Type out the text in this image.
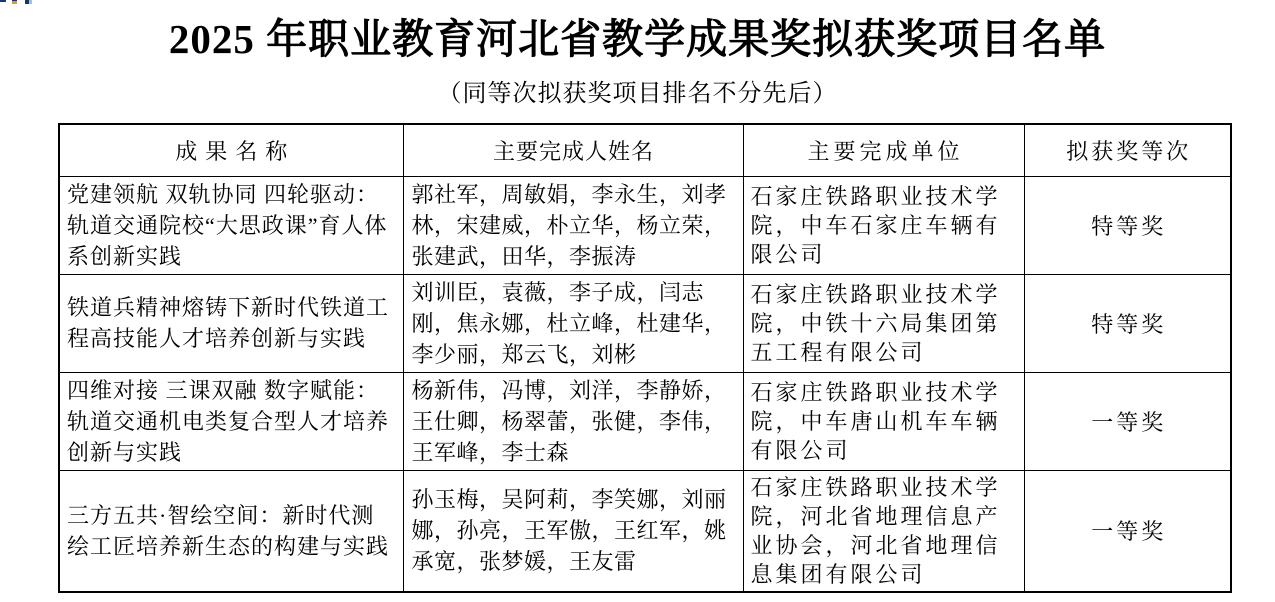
2025 年职业教育河北省教学成果奖拟获奖项目名单
（同等次拟获奖项目排名不分先后）
成果名称	主要完成人姓名	主要完成单位	拟获奖等次
党建领航 双轨协同 四轮驱动：轨道交通院校“大思政课”育人体系创新实践	郭社军，周敏娟，李永生，刘孝林，宋建威，朴立华，杨立荣，张建武，田华，李振涛	石家庄铁路职业技术学院，中车石家庄车辆有限公司	特等奖
铁道兵精神熔铸下新时代铁道工程高技能人才培养创新与实践	刘训臣，袁薇，李子成，闫志刚，焦永娜，杜立峰，杜建华，李少丽，郑云飞，刘彬	石家庄铁路职业技术学院，中铁十六局集团第五工程有限公司	特等奖
四维对接 三课双融 数字赋能：轨道交通机电类复合型人才培养创新与实践	杨新伟，冯博，刘洋，李静娇，王仕卿，杨翠蕾，张健，李伟，王军峰，李士森	石家庄铁路职业技术学院，中车唐山机车车辆有限公司	一等奖
三方五共·智绘空间：新时代测绘工匠培养新生态的构建与实践	孙玉梅，吴阿莉，李笑娜，刘丽娜，孙亮，王军傲，王红军，姚承宽，张梦媛，王友雷	石家庄铁路职业技术学院，河北省地理信息产业协会，河北省地理信息集团有限公司	一等奖
